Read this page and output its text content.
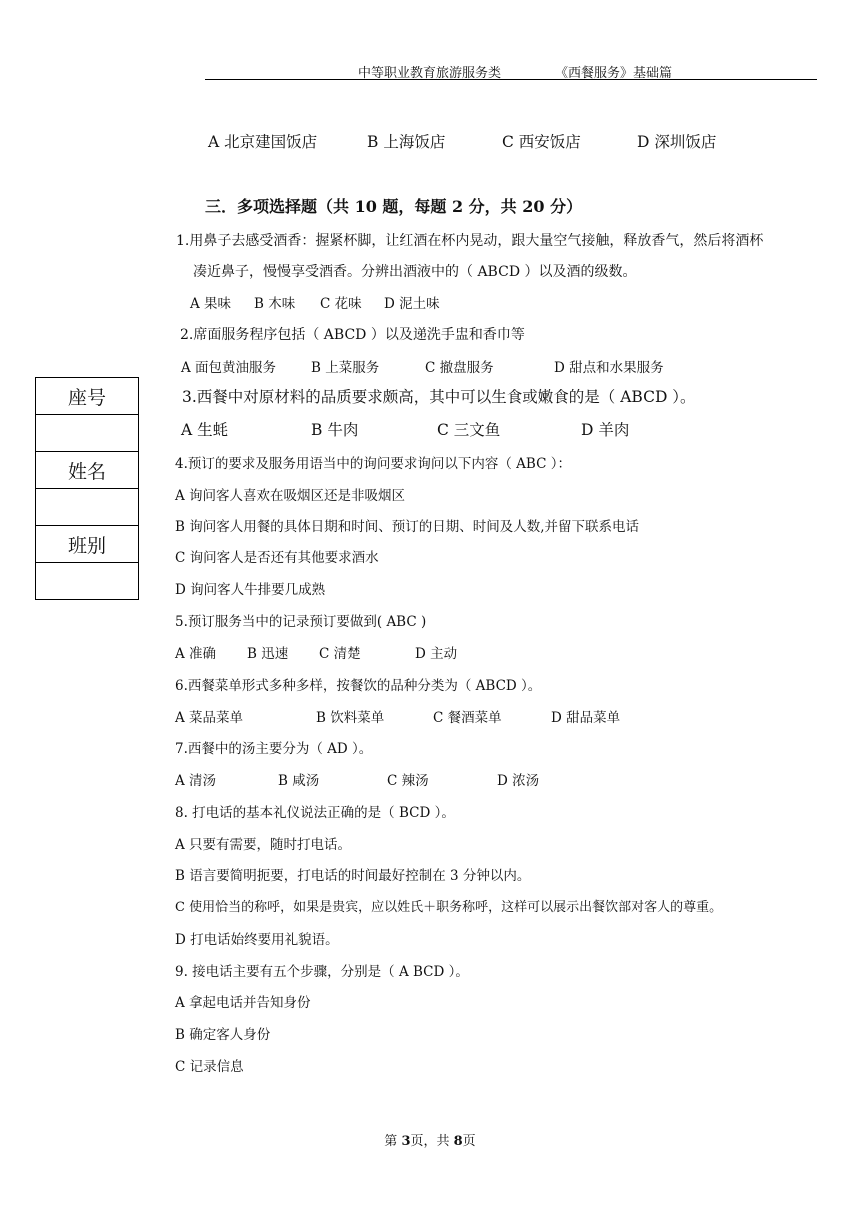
中等职业教育旅游服务类	《西餐服务》基础篇
A 北京建国饭店	B 上海饭店	C 西安饭店	D 深圳饭店
三．多项选择题（共 10 题，每题 2 分，共 20 分）
1.用鼻子去感受酒香：握紧杯脚，让红酒在杯内晃动，跟大量空气接触，释放香气，然后将酒杯
凑近鼻子，慢慢享受酒香。分辨出酒液中的（ ABCD ）以及酒的级数。
A 果味 B 木味 C 花味 D 泥土味
2.席面服务程序包括（ ABCD ）以及递洗手盅和香巾等
A 面包黄油服务	B 上菜服务	C 撤盘服务	D 甜点和水果服务
座号

姓名

班别

3.西餐中对原材料的品质要求颇高，其中可以生食或嫩食的是（ ABCD ）。
A 生蚝	B 牛肉	C 三文鱼	D 羊肉
4.预订的要求及服务用语当中的询问要求询问以下内容（ ABC ）：
A 询问客人喜欢在吸烟区还是非吸烟区
B 询问客人用餐的具体日期和时间、预订的日期、时间及人数,并留下联系电话
C 询问客人是否还有其他要求酒水
D 询问客人牛排要几成熟
5.预订服务当中的记录预订要做到( ABC )
A 准确 B 迅速 C 清楚	D 主动
6.西餐菜单形式多种多样，按餐饮的品种分类为（ ABCD ）。
A 菜品菜单	B 饮料菜单	C 餐酒菜单	D 甜品菜单
7.西餐中的汤主要分为（ AD ）。
A 清汤	B 咸汤	C 辣汤	D 浓汤
8. 打电话的基本礼仪说法正确的是（ BCD ）。
A 只要有需要，随时打电话。
B 语言要简明扼要，打电话的时间最好控制在 3 分钟以内。
C 使用恰当的称呼，如果是贵宾，应以姓氏＋职务称呼，这样可以展示出餐饮部对客人的尊重。
D 打电话始终要用礼貌语。
9. 接电话主要有五个步骤，分别是（ A BCD ）。
A 拿起电话并告知身份
B 确定客人身份
C 记录信息
第 3页，共 8页
